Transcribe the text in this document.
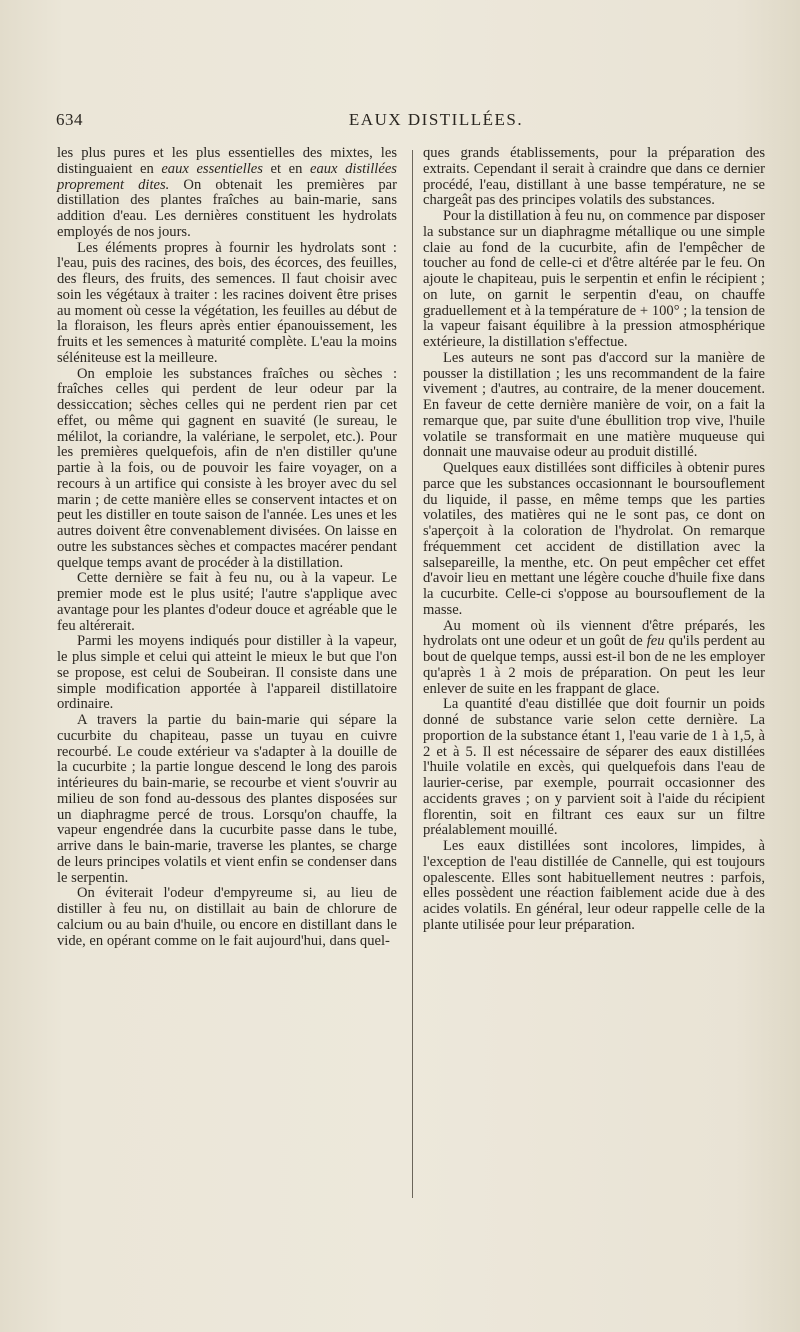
634	EAUX DISTILLÉES.

les plus pures et les plus essentielles des mixtes, les distinguaient en eaux essentielles et en eaux distillées proprement dites. On obtenait les premières par distillation des plantes fraîches au bain-marie, sans addition d'eau. Les dernières constituent les hydrolats employés de nos jours.

Les éléments propres à fournir les hydrolats sont : l'eau, puis des racines, des bois, des écorces, des feuilles, des fleurs, des fruits, des semences. Il faut choisir avec soin les végétaux à traiter : les racines doivent être prises au moment où cesse la végétation, les feuilles au début de la floraison, les fleurs après entier épanouissement, les fruits et les semences à maturité complète. L'eau la moins séléniteuse est la meilleure.

On emploie les substances fraîches ou sèches : fraîches celles qui perdent de leur odeur par la dessiccation; sèches celles qui ne perdent rien par cet effet, ou même qui gagnent en suavité (le sureau, le mélilot, la coriandre, la valériane, le serpolet, etc.). Pour les premières quelquefois, afin de n'en distiller qu'une partie à la fois, ou de pouvoir les faire voyager, on a recours à un artifice qui consiste à les broyer avec du sel marin ; de cette manière elles se conservent intactes et on peut les distiller en toute saison de l'année. Les unes et les autres doivent être convenablement divisées. On laisse en outre les substances sèches et compactes macérer pendant quelque temps avant de procéder à la distillation.

Cette dernière se fait à feu nu, ou à la vapeur. Le premier mode est le plus usité; l'autre s'applique avec avantage pour les plantes d'odeur douce et agréable que le feu altérerait.

Parmi les moyens indiqués pour distiller à la vapeur, le plus simple et celui qui atteint le mieux le but que l'on se propose, est celui de Soubeiran. Il consiste dans une simple modification apportée à l'appareil distillatoire ordinaire.

A travers la partie du bain-marie qui sépare la cucurbite du chapiteau, passe un tuyau en cuivre recourbé. Le coude extérieur va s'adapter à la douille de la cucurbite ; la partie longue descend le long des parois intérieures du bain-marie, se recourbe et vient s'ouvrir au milieu de son fond au-dessous des plantes disposées sur un diaphragme percé de trous. Lorsqu'on chauffe, la vapeur engendrée dans la cucurbite passe dans le tube, arrive dans le bain-marie, traverse les plantes, se charge de leurs principes volatils et vient enfin se condenser dans le serpentin.

On éviterait l'odeur d'empyreume si, au lieu de distiller à feu nu, on distillait au bain de chlorure de calcium ou au bain d'huile, ou encore en distillant dans le vide, en opérant comme on le fait aujourd'hui, dans quel-

ques grands établissements, pour la préparation des extraits. Cependant il serait à craindre que dans ce dernier procédé, l'eau, distillant à une basse température, ne se chargeât pas des principes volatils des substances.

Pour la distillation à feu nu, on commence par disposer la substance sur un diaphragme métallique ou une simple claie au fond de la cucurbite, afin de l'empêcher de toucher au fond de celle-ci et d'être altérée par le feu. On ajoute le chapiteau, puis le serpentin et enfin le récipient ; on lute, on garnit le serpentin d'eau, on chauffe graduellement et à la température de + 100° ; la tension de la vapeur faisant équilibre à la pression atmosphérique extérieure, la distillation s'effectue.

Les auteurs ne sont pas d'accord sur la manière de pousser la distillation ; les uns recommandent de la faire vivement ; d'autres, au contraire, de la mener doucement. En faveur de cette dernière manière de voir, on a fait la remarque que, par suite d'une ébullition trop vive, l'huile volatile se transformait en une matière muqueuse qui donnait une mauvaise odeur au produit distillé.

Quelques eaux distillées sont difficiles à obtenir pures parce que les substances occasionnant le boursouflement du liquide, il passe, en même temps que les parties volatiles, des matières qui ne le sont pas, ce dont on s'aperçoit à la coloration de l'hydrolat. On remarque fréquemment cet accident de distillation avec la salsepareille, la menthe, etc. On peut empêcher cet effet d'avoir lieu en mettant une légère couche d'huile fixe dans la cucurbite. Celle-ci s'oppose au boursouflement de la masse.

Au moment où ils viennent d'être préparés, les hydrolats ont une odeur et un goût de feu qu'ils perdent au bout de quelque temps, aussi est-il bon de ne les employer qu'après 1 à 2 mois de préparation. On peut les leur enlever de suite en les frappant de glace.

La quantité d'eau distillée que doit fournir un poids donné de substance varie selon cette dernière. La proportion de la substance étant 1, l'eau varie de 1 à 1,5, à 2 et à 5. Il est nécessaire de séparer des eaux distillées l'huile volatile en excès, qui quelquefois dans l'eau de laurier-cerise, par exemple, pourrait occasionner des accidents graves ; on y parvient soit à l'aide du récipient florentin, soit en filtrant ces eaux sur un filtre préalablement mouillé.

Les eaux distillées sont incolores, limpides, à l'exception de l'eau distillée de Cannelle, qui est toujours opalescente. Elles sont habituellement neutres : parfois, elles possèdent une réaction faiblement acide due à des acides volatils. En général, leur odeur rappelle celle de la plante utilisée pour leur préparation.
